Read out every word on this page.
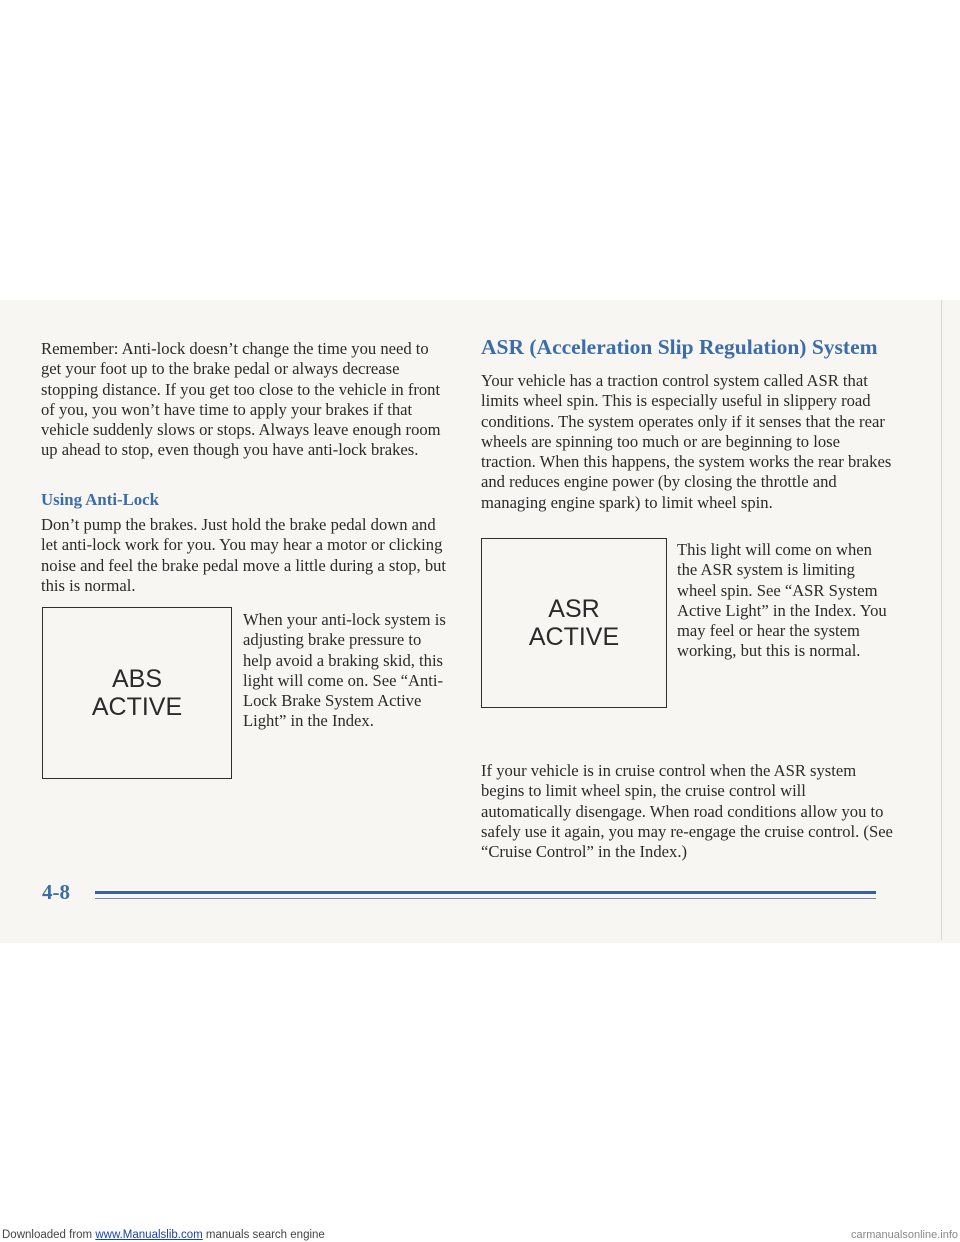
Remember: Anti-lock doesn’t change the time you need to get your foot up to the brake pedal or always decrease stopping distance. If you get too close to the vehicle in front of you, you won’t have time to apply your brakes if that vehicle suddenly slows or stops. Always leave enough room up ahead to stop, even though you have anti-lock brakes.

Using Anti-Lock

Don’t pump the brakes. Just hold the brake pedal down and let anti-lock work for you. You may hear a motor or clicking noise and feel the brake pedal move a little during a stop, but this is normal.

ABS
ACTIVE

When your anti-lock system is adjusting brake pressure to help avoid a braking skid, this light will come on. See “Anti-Lock Brake System Active Light” in the Index.

ASR (Acceleration Slip Regulation) System

Your vehicle has a traction control system called ASR that limits wheel spin. This is especially useful in slippery road conditions. The system operates only if it senses that the rear wheels are spinning too much or are beginning to lose traction. When this happens, the system works the rear brakes and reduces engine power (by closing the throttle and managing engine spark) to limit wheel spin.

ASR
ACTIVE

This light will come on when the ASR system is limiting wheel spin. See “ASR System Active Light” in the Index. You may feel or hear the system working, but this is normal.

If your vehicle is in cruise control when the ASR system begins to limit wheel spin, the cruise control will automatically disengage. When road conditions allow you to safely use it again, you may re-engage the cruise control. (See “Cruise Control” in the Index.)

4-8

Downloaded from www.Manualslib.com manuals search engine	carmanualsonline.info
